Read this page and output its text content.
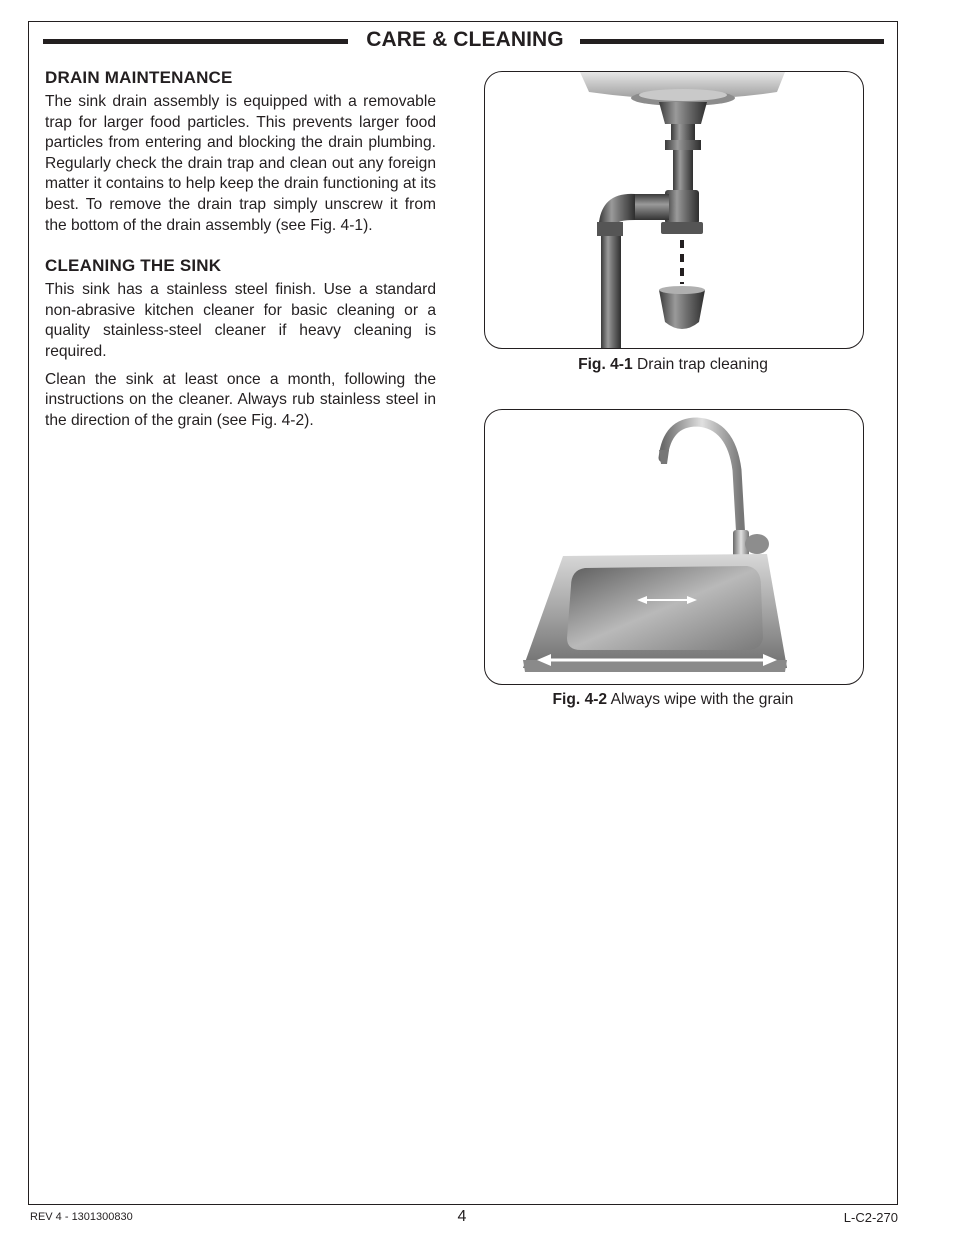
CARE & CLEANING
DRAIN MAINTENANCE

The sink drain assembly is equipped with a removable trap for larger food particles. This prevents larger food particles from entering and blocking the drain plumbing. Regularly check the drain trap and clean out any foreign matter it contains to help keep the drain functioning at its best. To remove the drain trap simply unscrew it from the bottom of the drain assembly (see Fig. 4-1).

CLEANING THE SINK

This sink has a stainless steel finish. Use a standard non-abrasive kitchen cleaner for basic cleaning or a quality stainless-steel cleaner if heavy cleaning is required.

Clean the sink at least once a month, following the instructions on the cleaner. Always rub stainless steel in the direction of the grain (see Fig. 4-2).

Fig. 4-1 Drain trap cleaning
Fig. 4-2 Always wipe with the grain
REV 4 - 1301300830	4	L-C2-270
